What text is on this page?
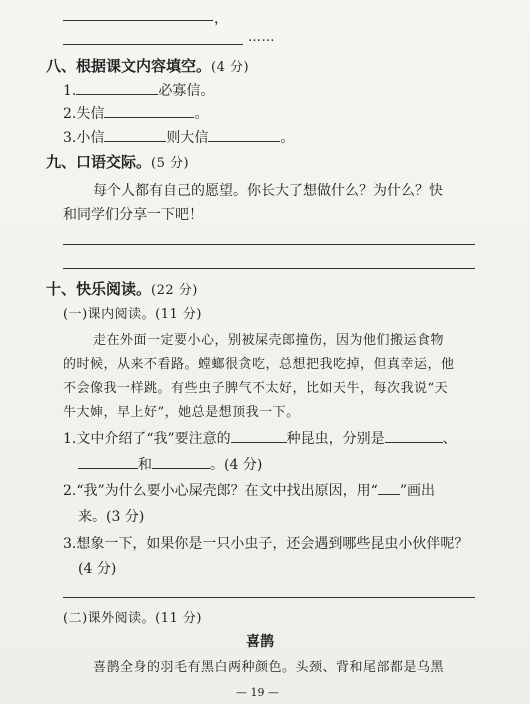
，
……
八、根据课文内容填空。(4 分)
1.	必寡信。
2.失信	。
3.小信	则大信	。
九、口语交际。(5 分)
每个人都有自己的愿望。你长大了想做什么？为什么？快
和同学们分享一下吧！
十、快乐阅读。(22 分)
(一)课内阅读。(11 分)
走在外面一定要小心，别被屎壳郎撞伤，因为他们搬运食物
的时候，从来不看路。螳螂很贪吃，总想把我吃掉，但真幸运，他
不会像我一样跳。有些虫子脾气不太好，比如天牛，每次我说“天
牛大婶，早上好”，她总是想顶我一下。
1.文中介绍了“我”要注意的	种昆虫，分别是	、
和	。(4 分)
2.“我”为什么要小心屎壳郎？在文中找出原因，用“ ”画出
来。(3 分)
3.想象一下，如果你是一只小虫子，还会遇到哪些昆虫小伙伴呢？
(4 分)
(二)课外阅读。(11 分)
喜鹊
喜鹊全身的羽毛有黑白两种颜色。头颈、背和尾部都是乌黑
— 19 —
